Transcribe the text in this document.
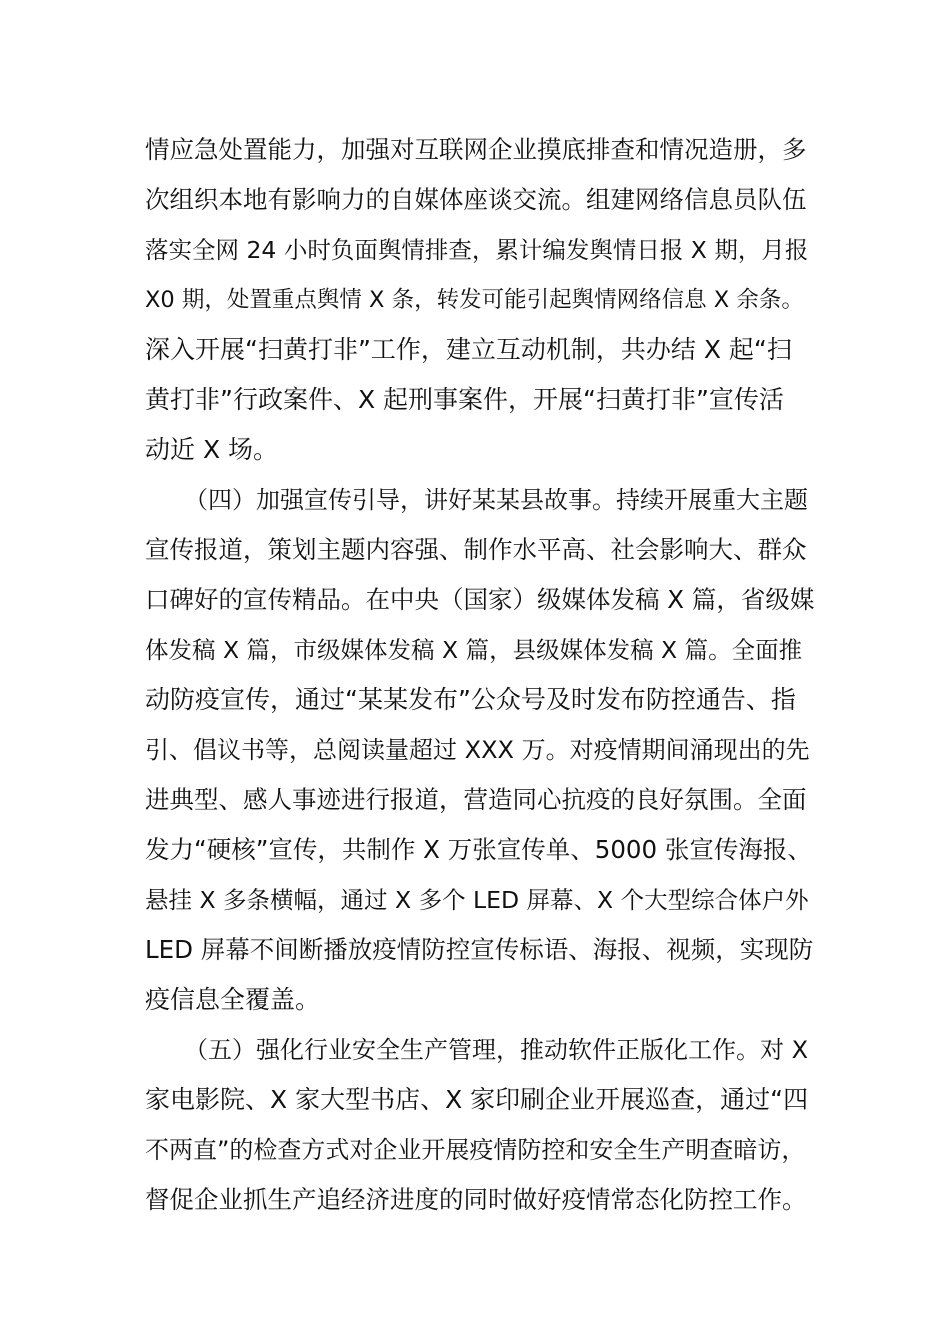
情应急处置能力，加强对互联网企业摸底排查和情况造册，多
次组织本地有影响力的自媒体座谈交流。组建网络信息员队伍
落实全网 24 小时负面舆情排查，累计编发舆情日报 X 期，月报
X0 期，处置重点舆情 X 条，转发可能引起舆情网络信息 X 余条。
深入开展“扫黄打非”工作，建立互动机制，共办结 X 起“扫
黄打非”行政案件、X 起刑事案件，开展“扫黄打非”宣传活
动近 X 场。
（四）加强宣传引导，讲好某某县故事。持续开展重大主题
宣传报道，策划主题内容强、制作水平高、社会影响大、群众
口碑好的宣传精品。在中央（国家）级媒体发稿 X 篇，省级媒
体发稿 X 篇，市级媒体发稿 X 篇，县级媒体发稿 X 篇。全面推
动防疫宣传，通过“某某发布”公众号及时发布防控通告、指
引、倡议书等，总阅读量超过 XXX 万。对疫情期间涌现出的先
进典型、感人事迹进行报道，营造同心抗疫的良好氛围。全面
发力“硬核”宣传，共制作 X 万张宣传单、5000 张宣传海报、
悬挂 X 多条横幅，通过 X 多个 LED 屏幕、X 个大型综合体户外
LED 屏幕不间断播放疫情防控宣传标语、海报、视频，实现防
疫信息全覆盖。
（五）强化行业安全生产管理，推动软件正版化工作。对 X
家电影院、X 家大型书店、X 家印刷企业开展巡查，通过“四
不两直”的检查方式对企业开展疫情防控和安全生产明查暗访，
督促企业抓生产追经济进度的同时做好疫情常态化防控工作。
